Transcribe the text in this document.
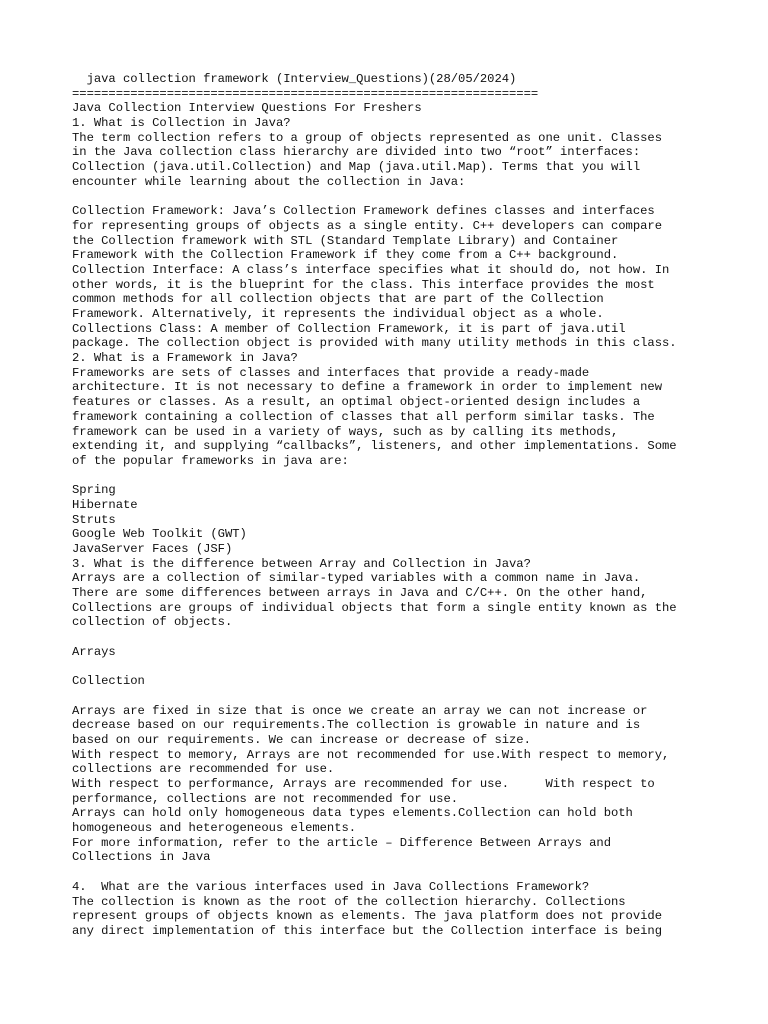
java collection framework (Interview_Questions)(28/05/2024)
================================================================
Java Collection Interview Questions For Freshers
1. What is Collection in Java?
The term collection refers to a group of objects represented as one unit. Classes
in the Java collection class hierarchy are divided into two “root” interfaces:
Collection (java.util.Collection) and Map (java.util.Map). Terms that you will
encounter while learning about the collection in Java:
Collection Framework: Java’s Collection Framework defines classes and interfaces
for representing groups of objects as a single entity. C++ developers can compare
the Collection framework with STL (Standard Template Library) and Container
Framework with the Collection Framework if they come from a C++ background.
Collection Interface: A class’s interface specifies what it should do, not how. In
other words, it is the blueprint for the class. This interface provides the most
common methods for all collection objects that are part of the Collection
Framework. Alternatively, it represents the individual object as a whole.
Collections Class: A member of Collection Framework, it is part of java.util
package. The collection object is provided with many utility methods in this class.
2. What is a Framework in Java?
Frameworks are sets of classes and interfaces that provide a ready-made
architecture. It is not necessary to define a framework in order to implement new
features or classes. As a result, an optimal object-oriented design includes a
framework containing a collection of classes that all perform similar tasks. The
framework can be used in a variety of ways, such as by calling its methods,
extending it, and supplying “callbacks”, listeners, and other implementations. Some
of the popular frameworks in java are:
Spring
Hibernate
Struts
Google Web Toolkit (GWT)
JavaServer Faces (JSF)
3. What is the difference between Array and Collection in Java?
Arrays are a collection of similar-typed variables with a common name in Java.
There are some differences between arrays in Java and C/C++. On the other hand,
Collections are groups of individual objects that form a single entity known as the
collection of objects.
Arrays
Collection
Arrays are fixed in size that is once we create an array we can not increase or
decrease based on our requirements.The collection is growable in nature and is
based on our requirements. We can increase or decrease of size.
With respect to memory, Arrays are not recommended for use.With respect to memory,
collections are recommended for use.
With respect to performance, Arrays are recommended for use.     With respect to
performance, collections are not recommended for use.
Arrays can hold only homogeneous data types elements.Collection can hold both
homogeneous and heterogeneous elements.
For more information, refer to the article – Difference Between Arrays and
Collections in Java
4.  What are the various interfaces used in Java Collections Framework?
The collection is known as the root of the collection hierarchy. Collections
represent groups of objects known as elements. The java platform does not provide
any direct implementation of this interface but the Collection interface is being
